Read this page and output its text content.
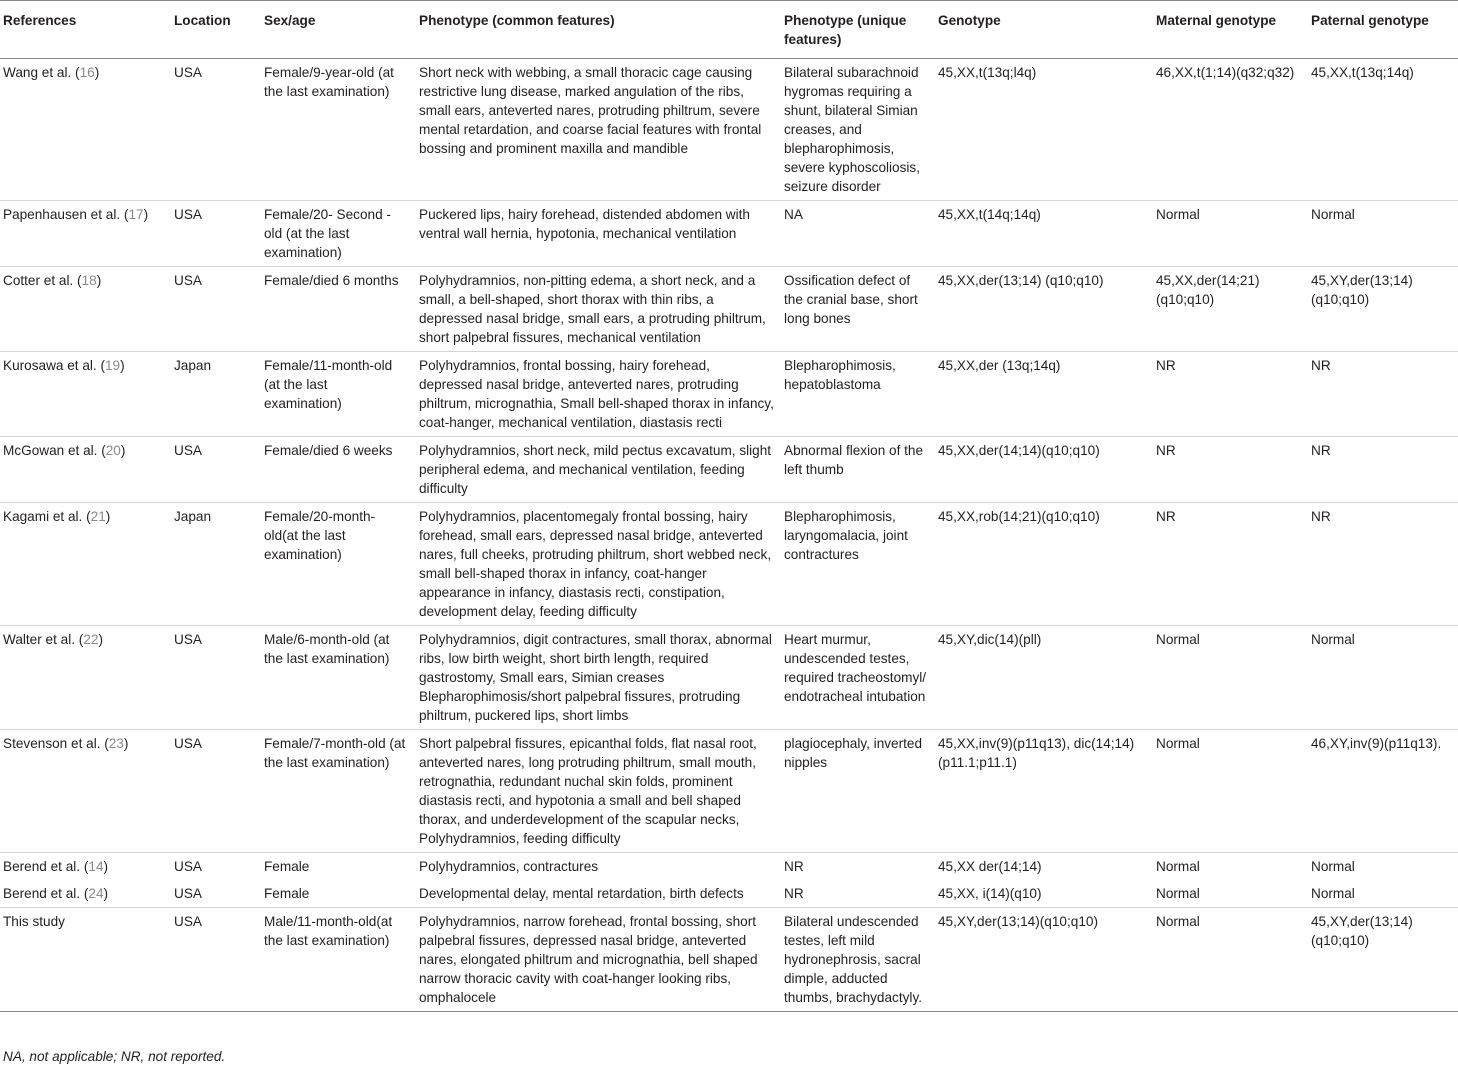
References	Location	Sex/age	Phenotype (common features)	Phenotype (unique features)	Genotype	Maternal genotype	Paternal genotype
Wang et al. (16)	USA	Female/9-year-old (at the last examination)	Short neck with webbing, a small thoracic cage causing restrictive lung disease, marked angulation of the ribs, small ears, anteverted nares, protruding philtrum, severe mental retardation, and coarse facial features with frontal bossing and prominent maxilla and mandible	Bilateral subarachnoid hygromas requiring a shunt, bilateral Simian creases, and blepharophimosis, severe kyphoscoliosis, seizure disorder	45,XX,t(13q;l4q)	46,XX,t(1;14)(q32;q32)	45,XX,t(13q;14q)
Papenhausen et al. (17)	USA	Female/20- Second -old (at the last examination)	Puckered lips, hairy forehead, distended abdomen with ventral wall hernia, hypotonia, mechanical ventilation	NA	45,XX,t(14q;14q)	Normal	Normal
Cotter et al. (18)	USA	Female/died 6 months	Polyhydramnios, non-pitting edema, a short neck, and a small, a bell-shaped, short thorax with thin ribs, a depressed nasal bridge, small ears, a protruding philtrum, short palpebral fissures, mechanical ventilation	Ossification defect of the cranial base, short long bones	45,XX,der(13;14) (q10;q10)	45,XX,der(14;21)(q10;q10)	45,XY,der(13;14)(q10;q10)
Kurosawa et al. (19)	Japan	Female/11-month-old (at the last examination)	Polyhydramnios, frontal bossing, hairy forehead, depressed nasal bridge, anteverted nares, protruding philtrum, micrognathia, Small bell-shaped thorax in infancy, coat-hanger, mechanical ventilation, diastasis recti	Blepharophimosis, hepatoblastoma	45,XX,der (13q;14q)	NR	NR
McGowan et al. (20)	USA	Female/died 6 weeks	Polyhydramnios, short neck, mild pectus excavatum, slight peripheral edema, and mechanical ventilation, feeding difficulty	Abnormal flexion of the left thumb	45,XX,der(14;14)(q10;q10)	NR	NR
Kagami et al. (21)	Japan	Female/20-month-old(at the last examination)	Polyhydramnios, placentomegaly frontal bossing, hairy forehead, small ears, depressed nasal bridge, anteverted nares, full cheeks, protruding philtrum, short webbed neck, small bell-shaped thorax in infancy, coat-hanger appearance in infancy, diastasis recti, constipation, development delay, feeding difficulty	Blepharophimosis, laryngomalacia, joint contractures	45,XX,rob(14;21)(q10;q10)	NR	NR
Walter et al. (22)	USA	Male/6-month-old (at the last examination)	Polyhydramnios, digit contractures, small thorax, abnormal ribs, low birth weight, short birth length, required gastrostomy, Small ears, Simian creases Blepharophimosis/short palpebral fissures, protruding philtrum, puckered lips, short limbs	Heart murmur, undescended testes, required tracheostomyl/ endotracheal intubation	45,XY,dic(14)(pll)	Normal	Normal
Stevenson et al. (23)	USA	Female/7-month-old (at the last examination)	Short palpebral fissures, epicanthal folds, flat nasal root, anteverted nares, long protruding philtrum, small mouth, retrognathia, redundant nuchal skin folds, prominent diastasis recti, and hypotonia a small and bell shaped thorax, and underdevelopment of the scapular necks, Polyhydramnios, feeding difficulty	plagiocephaly, inverted nipples	45,XX,inv(9)(p11q13), dic(14;14)(p11.1;p11.1)	Normal	46,XY,inv(9)(p11q13).
Berend et al. (14)	USA	Female	Polyhydramnios, contractures	NR	45,XX der(14;14)	Normal	Normal
Berend et al. (24)	USA	Female	Developmental delay, mental retardation, birth defects	NR	45,XX, i(14)(q10)	Normal	Normal
This study	USA	Male/11-month-old(at the last examination)	Polyhydramnios, narrow forehead, frontal bossing, short palpebral fissures, depressed nasal bridge, anteverted nares, elongated philtrum and micrognathia, bell shaped narrow thoracic cavity with coat-hanger looking ribs, omphalocele	Bilateral undescended testes, left mild hydronephrosis, sacral dimple, adducted thumbs, brachydactyly.	45,XY,der(13;14)(q10;q10)	Normal	45,XY,der(13;14)(q10;q10)
NA, not applicable; NR, not reported.
